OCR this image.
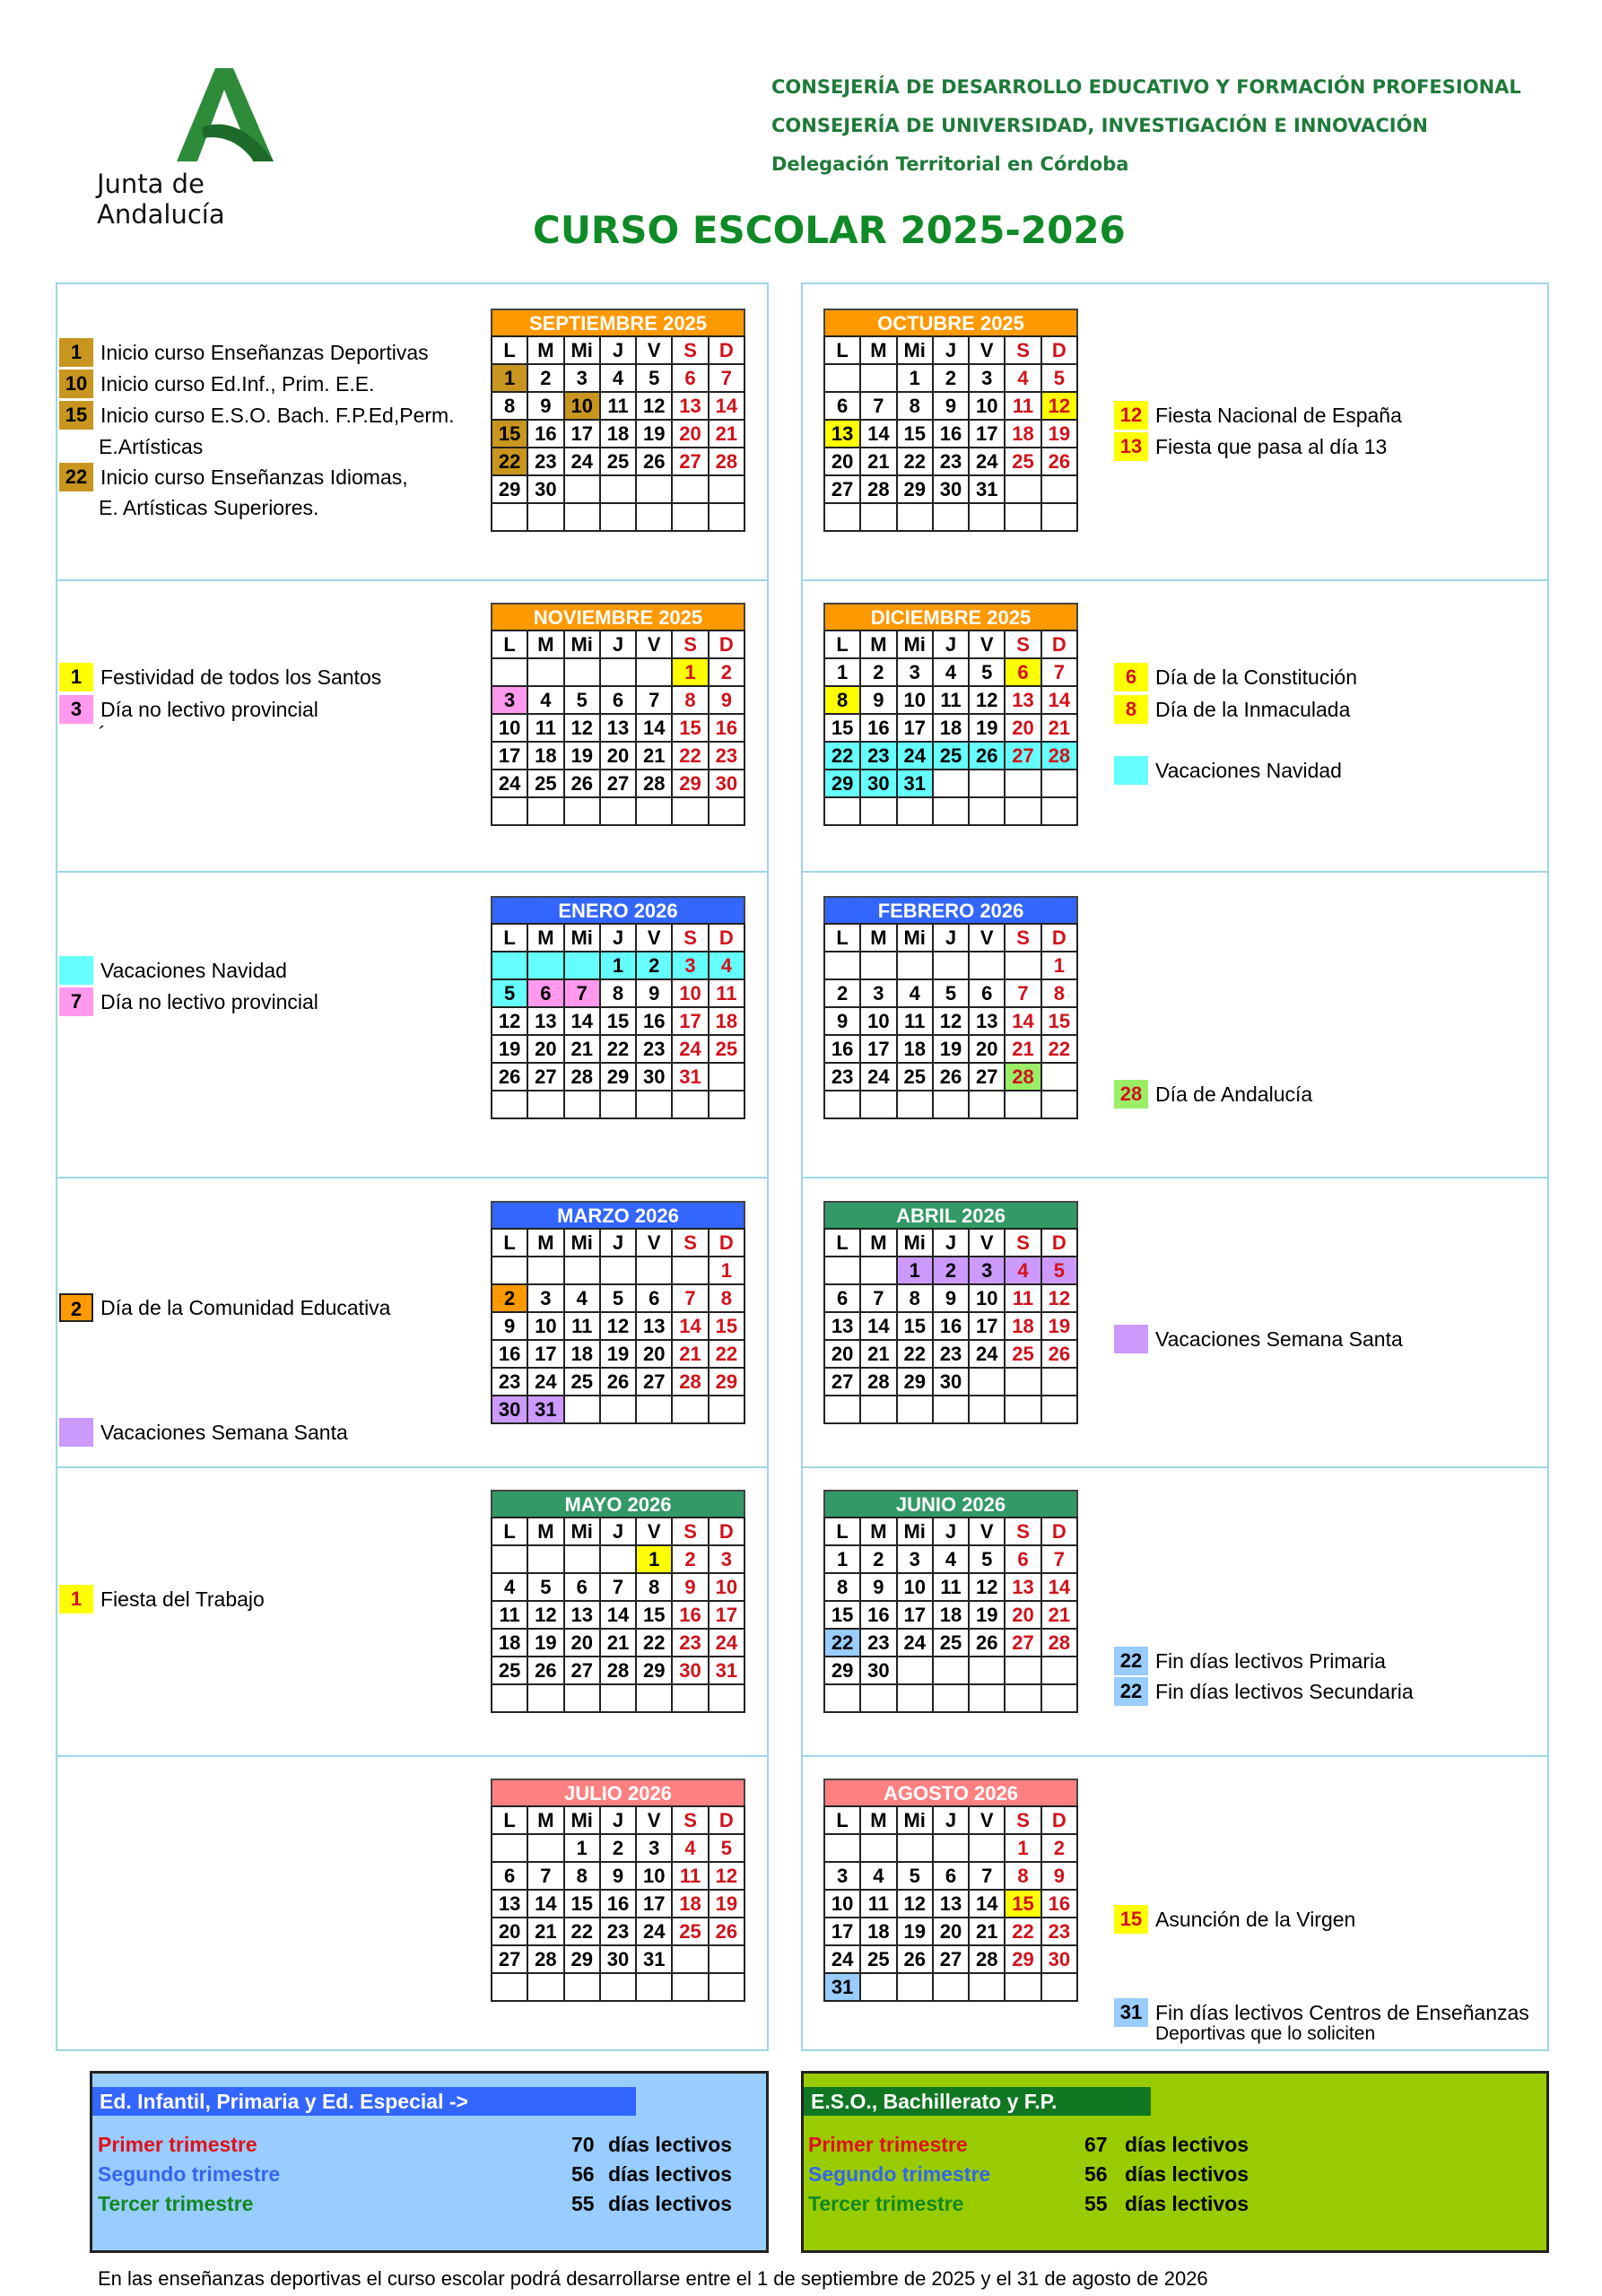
Junta de Andalucía
CONSEJERÍA DE DESARROLLO EDUCATIVO Y FORMACIÓN PROFESIONAL
CONSEJERÍA DE UNIVERSIDAD, INVESTIGACIÓN E INNOVACIÓN
Delegación Territorial en Córdoba
CURSO ESCOLAR 2025-2026
SEPTIEMBRE 2025
L	M	Mi	J	V	S	D
1	2	3	4	5	6	7
8	9	10	11	12	13	14
15	16	17	18	19	20	21
22	23	24	25	26	27	28
29	30					

OCTUBRE 2025
L	M	Mi	J	V	S	D
		1	2	3	4	5
6	7	8	9	10	11	12
13	14	15	16	17	18	19
20	21	22	23	24	25	26
27	28	29	30	31		

NOVIEMBRE 2025
L	M	Mi	J	V	S	D
					1	2
3	4	5	6	7	8	9
10	11	12	13	14	15	16
17	18	19	20	21	22	23
24	25	26	27	28	29	30

DICIEMBRE 2025
L	M	Mi	J	V	S	D
1	2	3	4	5	6	7
8	9	10	11	12	13	14
15	16	17	18	19	20	21
22	23	24	25	26	27	28
29	30	31				

ENERO 2026
L	M	Mi	J	V	S	D
			1	2	3	4
5	6	7	8	9	10	11
12	13	14	15	16	17	18
19	20	21	22	23	24	25
26	27	28	29	30	31	

FEBRERO 2026
L	M	Mi	J	V	S	D
						1
2	3	4	5	6	7	8
9	10	11	12	13	14	15
16	17	18	19	20	21	22
23	24	25	26	27	28	

MARZO 2026
L	M	Mi	J	V	S	D
						1
2	3	4	5	6	7	8
9	10	11	12	13	14	15
16	17	18	19	20	21	22
23	24	25	26	27	28	29
30	31					
ABRIL 2026
L	M	Mi	J	V	S	D
		1	2	3	4	5
6	7	8	9	10	11	12
13	14	15	16	17	18	19
20	21	22	23	24	25	26
27	28	29	30			

MAYO 2026
L	M	Mi	J	V	S	D
				1	2	3
4	5	6	7	8	9	10
11	12	13	14	15	16	17
18	19	20	21	22	23	24
25	26	27	28	29	30	31

JUNIO 2026
L	M	Mi	J	V	S	D
1	2	3	4	5	6	7
8	9	10	11	12	13	14
15	16	17	18	19	20	21
22	23	24	25	26	27	28
29	30					

JULIO 2026
L	M	Mi	J	V	S	D
		1	2	3	4	5
6	7	8	9	10	11	12
13	14	15	16	17	18	19
20	21	22	23	24	25	26
27	28	29	30	31		

AGOSTO 2026
L	M	Mi	J	V	S	D
					1	2
3	4	5	6	7	8	9
10	11	12	13	14	15	16
17	18	19	20	21	22	23
24	25	26	27	28	29	30
31						
1 Inicio curso Enseñanzas Deportivas
10 Inicio curso Ed.Inf., Prim. E.E.
15 Inicio curso E.S.O. Bach. F.P.Ed,Perm.
E.Artísticas
22 Inicio curso Enseñanzas Idiomas,
E. Artísticas Superiores.
12 Fiesta Nacional de España
13 Fiesta que pasa al día 13
1 Festividad de todos los Santos
3 Día no lectivo provincial
´
6 Día de la Constitución
8 Día de la Inmaculada
Vacaciones Navidad
Vacaciones Navidad
7 Día no lectivo provincial
28 Día de Andalucía
2 Día de la Comunidad Educativa
Vacaciones Semana Santa
Vacaciones Semana Santa
1 Fiesta del Trabajo
22 Fin días lectivos Primaria
22 Fin días lectivos Secundaria
15 Asunción de la Virgen
31 Fin días lectivos Centros de Enseñanzas
Deportivas que lo soliciten
Ed. Infantil, Primaria y Ed. Especial ->
Primer trimestre	70 días lectivos
Segundo trimestre	56 días lectivos
Tercer trimestre	55 días lectivos
E.S.O., Bachillerato y F.P.
Primer trimestre	67 días lectivos
Segundo trimestre	56 días lectivos
Tercer trimestre	55 días lectivos
En las enseñanzas deportivas el curso escolar podrá desarrollarse entre el 1 de septiembre de 2025 y el 31 de agosto de 2026
